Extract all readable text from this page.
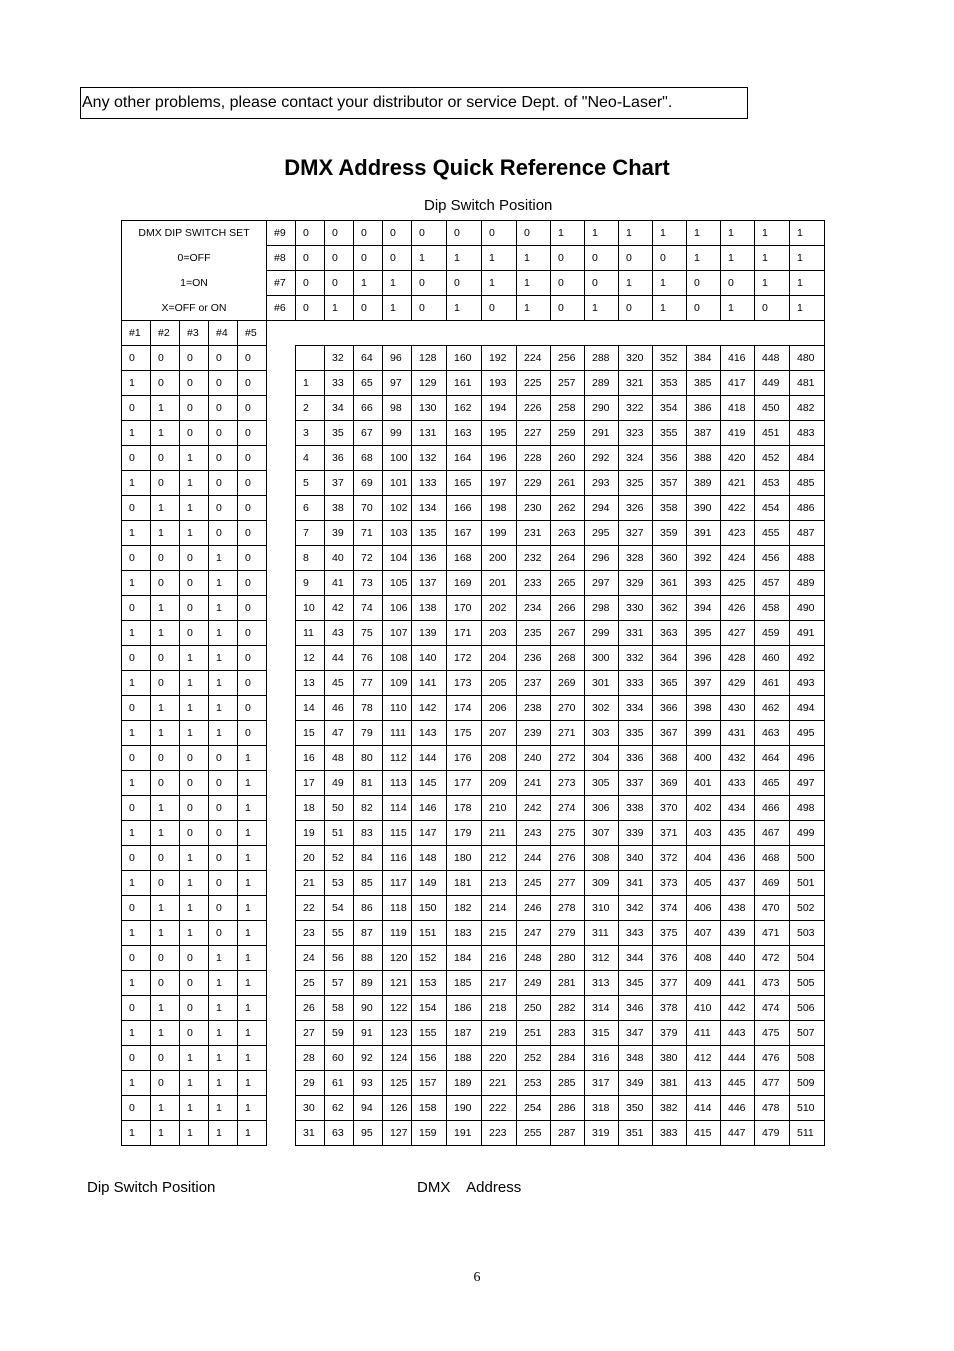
Any other problems, please contact your distributor or service Dept. of "Neo-Laser".
DMX Address Quick Reference Chart
Dip Switch Position
DMX DIP SWITCH SET					#9	0	0	0	0	0	0	0	0	1	1	1	1	1	1	1	1
0=OFF					#8	0	0	0	0	1	1	1	1	0	0	0	0	1	1	1	1
1=ON					#7	0	0	1	1	0	0	1	1	0	0	1	1	0	0	1	1
X=OFF or ON					#6	0	1	0	1	0	1	0	1	0	1	0	1	0	1	0	1
#1	#2	#3	#4	#5																	
0	0	0	0	0			32	64	96	128	160	192	224	256	288	320	352	384	416	448	480
1	0	0	0	0		1	33	65	97	129	161	193	225	257	289	321	353	385	417	449	481
0	1	0	0	0		2	34	66	98	130	162	194	226	258	290	322	354	386	418	450	482
1	1	0	0	0		3	35	67	99	131	163	195	227	259	291	323	355	387	419	451	483
0	0	1	0	0		4	36	68	100	132	164	196	228	260	292	324	356	388	420	452	484
1	0	1	0	0		5	37	69	101	133	165	197	229	261	293	325	357	389	421	453	485
0	1	1	0	0		6	38	70	102	134	166	198	230	262	294	326	358	390	422	454	486
1	1	1	0	0		7	39	71	103	135	167	199	231	263	295	327	359	391	423	455	487
0	0	0	1	0		8	40	72	104	136	168	200	232	264	296	328	360	392	424	456	488
1	0	0	1	0		9	41	73	105	137	169	201	233	265	297	329	361	393	425	457	489
0	1	0	1	0		10	42	74	106	138	170	202	234	266	298	330	362	394	426	458	490
1	1	0	1	0		11	43	75	107	139	171	203	235	267	299	331	363	395	427	459	491
0	0	1	1	0		12	44	76	108	140	172	204	236	268	300	332	364	396	428	460	492
1	0	1	1	0		13	45	77	109	141	173	205	237	269	301	333	365	397	429	461	493
0	1	1	1	0		14	46	78	110	142	174	206	238	270	302	334	366	398	430	462	494
1	1	1	1	0		15	47	79	111	143	175	207	239	271	303	335	367	399	431	463	495
0	0	0	0	1		16	48	80	112	144	176	208	240	272	304	336	368	400	432	464	496
1	0	0	0	1		17	49	81	113	145	177	209	241	273	305	337	369	401	433	465	497
0	1	0	0	1		18	50	82	114	146	178	210	242	274	306	338	370	402	434	466	498
1	1	0	0	1		19	51	83	115	147	179	211	243	275	307	339	371	403	435	467	499
0	0	1	0	1		20	52	84	116	148	180	212	244	276	308	340	372	404	436	468	500
1	0	1	0	1		21	53	85	117	149	181	213	245	277	309	341	373	405	437	469	501
0	1	1	0	1		22	54	86	118	150	182	214	246	278	310	342	374	406	438	470	502
1	1	1	0	1		23	55	87	119	151	183	215	247	279	311	343	375	407	439	471	503
0	0	0	1	1		24	56	88	120	152	184	216	248	280	312	344	376	408	440	472	504
1	0	0	1	1		25	57	89	121	153	185	217	249	281	313	345	377	409	441	473	505
0	1	0	1	1		26	58	90	122	154	186	218	250	282	314	346	378	410	442	474	506
1	1	0	1	1		27	59	91	123	155	187	219	251	283	315	347	379	411	443	475	507
0	0	1	1	1		28	60	92	124	156	188	220	252	284	316	348	380	412	444	476	508
1	0	1	1	1		29	61	93	125	157	189	221	253	285	317	349	381	413	445	477	509
0	1	1	1	1		30	62	94	126	158	190	222	254	286	318	350	382	414	446	478	510
1	1	1	1	1		31	63	95	127	159	191	223	255	287	319	351	383	415	447	479	511
Dip Switch Position	DMX    Address
6
